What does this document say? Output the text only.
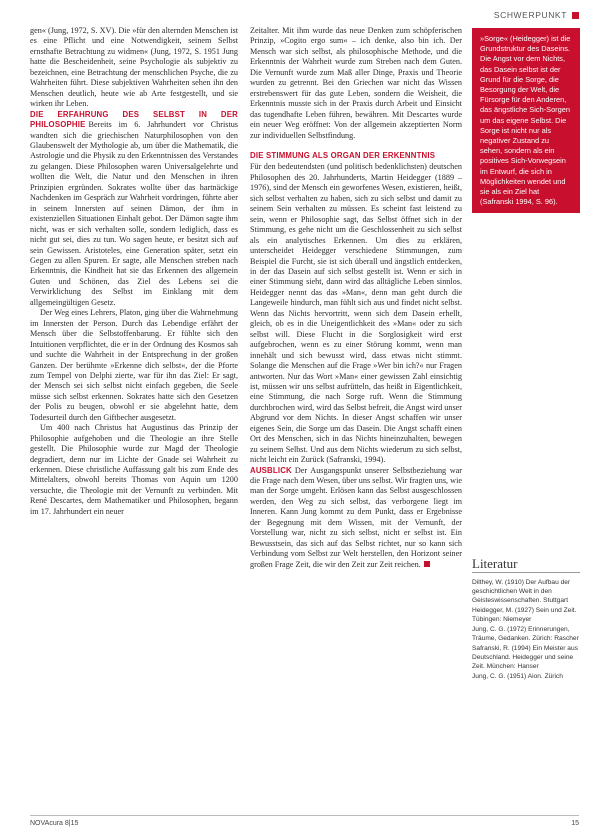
SCHWERPUNKT

gen« (Jung, 1972, S. XV). Die »für den alternden Menschen ist es eine Pflicht und eine Notwendigkeit, seinem Selbst ernsthafte Betrachtung zu widmen« (Jung, 1972, S. 1951 Jung hatte die Bescheidenheit, seine Psychologie als subjektiv zu bezeichnen, eine Betrachtung der menschlichen Psyche, die zu Wahrheiten führt. Diese subjektiven Wahrheiten sehen ihn den Menschen deutlich, heute wie ab Arte festgestellt, und sie wirken ihr Leben.

DIE ERFAHRUNG DES SELBST IN DER PHILOSOPHIE Bereits im 6. Jahrhundert vor Christus wandten sich die griechischen Naturphilosophen von den Glaubenswelt der Mythologie ab, um über die Mathematik, die Astrologie und die Physik zu den Erkenntnissen des Verstandes zu gelangen. Diese Philosophen waren Universalgelehrte und wollten die Welt, die Natur und den Menschen in ihren Prinzipien ergründen. Sokrates wollte über das hartnäckige Nachdenken im Gespräch zur Wahrheit vordringen, führte aber in seinem Innersten auf seinen Dämon, der ihm in existenziellen Situationen Einhalt gebot. Der Dämon sagte ihm nicht, was er sich verhalten solle, sondern lediglich, dass es nicht gut sei, dies zu tun. Wo sagen heute, er besitzt sich auf sein Gewissen. Aristoteles, eine Generation später, setzt ein Gegen zu allen Spuren. Er sagte, alle Menschen streben nach Erkenntnis, die Kindheit hat sie das Erkennen des allgemein Guten und Schönen, das Ziel des Lebens sei die Verwirklichung des Selbst im Einklang mit dem allgemeingültigen Gesetz.

Der Weg eines Lehrers, Platon, ging über die Wahrnehmung im Innersten der Person. Durch das Lebendige erfährt der Mensch über die Selbstoffenbarung. Er fühlte sich den Intuitionen verpflichtet, die er in der Ordnung des Kosmos sah und suchte die Wahrheit in der Entsprechung in der großen Ganzen. Der berühmte »Erkenne dich selbst«, der die Pforte zum Tempel von Delphi zierte, war für ihn das Ziel: Er sagt, der Mensch sei sich selbst nicht einfach gegeben, die Seele müsse sich selbst erkennen. Sokrates hatte sich den Gesetzen der Polis zu beugen, obwohl er sie abgelehnt hatte, dem Todesurteil durch den Giftbecher ausgesetzt.

Um 400 nach Christus hat Augustinus das Prinzip der Philosophie aufgehoben und die Theologie an ihre Stelle gestellt. Die Philosophie wurde zur Magd der Theologie degradiert, denn nur im Lichte der Gnade sei Wahrheit zu erkennen. Diese christliche Auffassung galt bis zum Ende des Mittelalters, obwohl bereits Thomas von Aquin um 1200 versuchte, die Theologie mit der Vernunft zu verbinden. Mit René Descartes, dem Mathematiker und Philosophen, begann im 17. Jahrhundert ein neuer

Zeitalter. Mit ihm wurde das neue Denken zum schöpferischen Prinzip, »Cogito ergo sum« – ich denke, also bin ich. Der Mensch war sich selbst, als philosophische Methode, und die Erkenntnis der Wahrheit wurde zum Streben nach dem Guten. Die Vernunft wurde zum Maß aller Dinge, Praxis und Theorie wurden zu getrennt. Bei den Griechen war nicht das Wissen erstrebenswert für das gute Leben, sondern die Weisheit, die Erkenntnis musste sich in der Praxis durch Arbeit und Einsicht das tugendhafte Leben führen, bewähren. Mit Descartes wurde ein neuer Weg eröffnet: Von der allgemein akzeptierten Norm zur individuellen Selbstfindung.

DIE STIMMUNG ALS ORGAN DER ERKENNTNIS

Für den bedeutendsten (und politisch bedenklichsten) deutschen Philosophen des 20. Jahrhunderts, Martin Heidegger (1889 – 1976), sind der Mensch ein geworfenes Wesen, existieren, heißt, sich selbst verhalten zu haben, sich zu sich selbst und damit zu seinem Sein verhalten zu müssen. Es scheint fast leistend zu sein, wenn er Philosophie sagt, das Selbst öffnet sich in der Stimmung, es gehe nicht um die Geschlossenheit zu sich selbst als ein analytisches Erkennen. Um dies zu erklären, unterscheidet Heidegger verschiedene Stimmungen, zum Beispiel die Furcht, sie ist sich überall und ängstlich entdecken, in der das Dasein auf sich selbst gestellt ist. Wenn er sich in einer Stimmung sieht, dann wird das alltägliche Leben sinnlos. Heidegger nennt das das »Man«, denn man geht durch die Langeweile hindurch, man fühlt sich aus und findet nicht selbst. Wenn das Nichts hervortritt, wenn sich dem Dasein erhellt, gleich, ob es in die Uneigentlichkeit des »Man« oder zu sich selbst will. Diese Flucht in die Sorglosigkeit wird erst aufgebrochen, wenn es zu einer Störung kommt, wenn man innehält und sich bewusst wird, dass etwas nicht stimmt. Solange die Menschen auf die Frage »Wer bin ich?« nur Fragen antworten. Nur das Wort »Man« einer gewissen Zahl einsichtig ist, müssen wir uns selbst aufrütteln, das heißt in Eigentlichkeit, eine Stimmung, die nach Sorge ruft. Wenn die Stimmung durchbrochen wird, wird das Selbst befreit, die Angst wird unser Abgrund vor dem Nichts. In dieser Angst schaffen wir unser eigenes Sein, die Sorge um das Dasein. Die Angst schafft einen Ort des Menschen, sich in das Nichts hineinzuhalten, bewegen zu seinem Selbst. Und aus dem Nichts wiederum zu sich selbst, nicht leicht ein Zurück (Safranski, 1994).

AUSBLICK Der Ausgangspunkt unserer Selbstbeziehung war die Frage nach dem Wesen, über uns selbst. Wir fragten uns, wie man der Sorge umgeht. Erlösen kann das Selbst ausgeschlossen werden, den Weg zu sich selbst, das verborgene liegt im Inneren. Kann Jung kommt zu dem Punkt, dass er Ergebnisse der Begegnung mit dem Wissen, mit der Vernunft, der Vorstellung war, nicht zu sich selbst, nicht er selbst ist. Ein Bewusstsein, das sich auf das Selbst richtet, nur so kann sich Verbindung vom Selbst zur Welt herstellen, den Horizont seiner großen Frage Zeit, die wir den Zeit zur Zeit reichen.

»Sorge« (Heidegger) ist die Grundstruktur des Daseins. Die Angst vor dem Nichts, das Dasein selbst ist der Grund für die Sorge, die Besorgung der Welt, die Fürsorge für den Anderen, das ängstliche Sich-Sorgen um das eigene Selbst. Die Sorge ist nicht nur als negativer Zustand zu sehen, sondern als ein positives Sich-Vorwegsein im Entwurf, die sich in Möglichkeiten wendet und sie als ein Ziel hat (Safranski 1994, S. 96).
Literatur
Dilthey, W. (1910) Der Aufbau der geschichtlichen Welt in den Geisteswissenschaften. Stuttgart
Heidegger, M. (1927) Sein und Zeit. Tübingen: Niemeyer
Jung, C. G. (1972) Erinnerungen, Träume, Gedanken. Zürich: Rascher
Safranski, R. (1994) Ein Meister aus Deutschland. Heidegger und seine Zeit. München: Hanser
Jung, C. G. (1951) Aion. Zürich
NOVAcura 8|15	15
